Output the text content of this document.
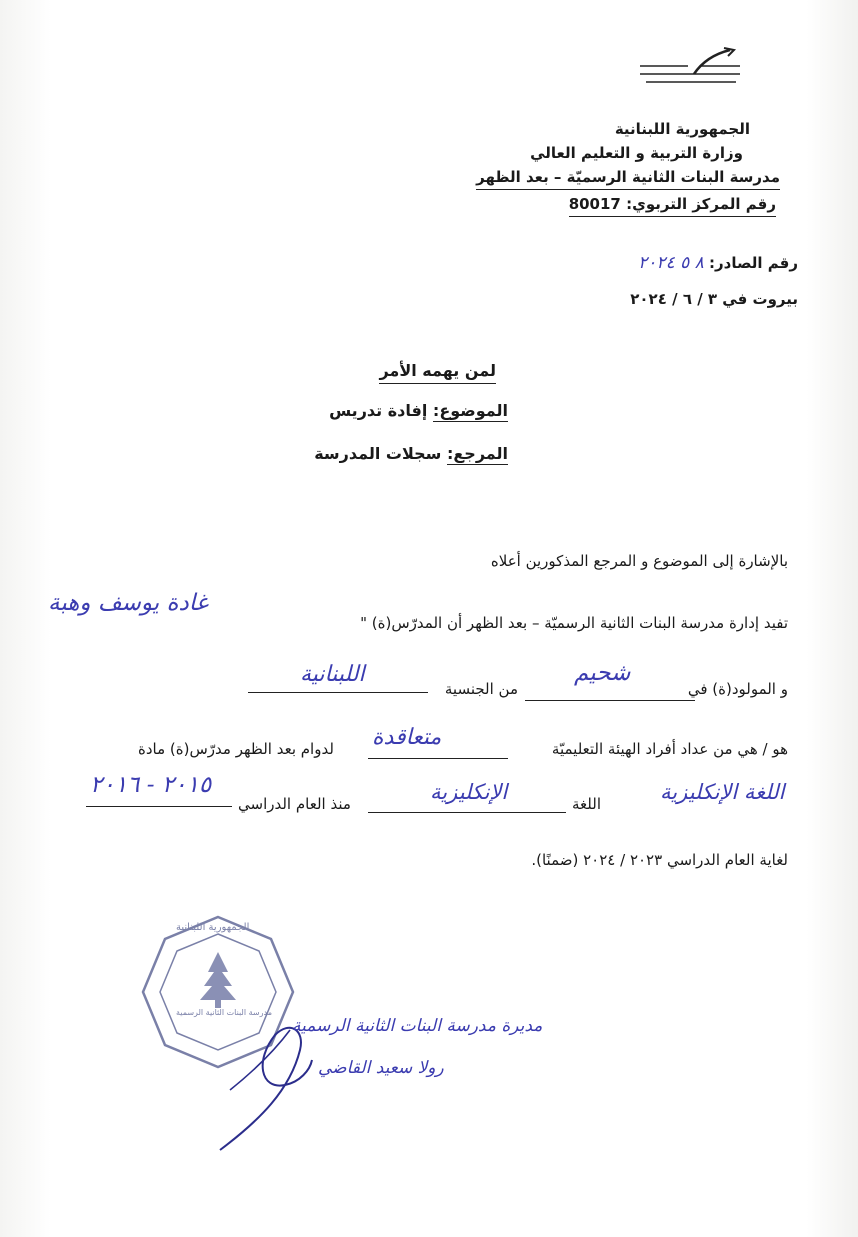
الجمهورية اللبنانية
وزارة التربية و التعليم العالي
مدرسة البنات الثانية الرسميّة – بعد الظهر
رقم المركز التربوي: 80017
رقم الصادر: ٨ ٥ ٢٠٢٤
بيروت في ٣ / ٦ / ٢٠٢٤
لمن يهمه الأمر
الموضوع: إفادة تدريس
المرجع: سجلات المدرسة
بالإشارة إلى الموضوع و المرجع المذكورين أعلاه
تفيد إدارة مدرسة البنات الثانية الرسميّة – بعد الظهر أن المدرّس(ة) "
غادة يوسف وهبة
و المولود(ة) في
شحيم
من الجنسية
اللبنانية
هو / هي من عداد أفراد الهيئة التعليميّة
متعاقدة
لدوام بعد الظهر مدرّس(ة) مادة
اللغة الإنكليزية
اللغة
الإنكليزية
منذ العام الدراسي
٢٠١٥ - ٢٠١٦
لغاية العام الدراسي ٢٠٢٣ / ٢٠٢٤ (ضمنًا).
الجمهورية اللبنانية
مدرسة البنات الثانية الرسمية
مديرة مدرسة البنات الثانية الرسمية
رولا سعيد القاضي
